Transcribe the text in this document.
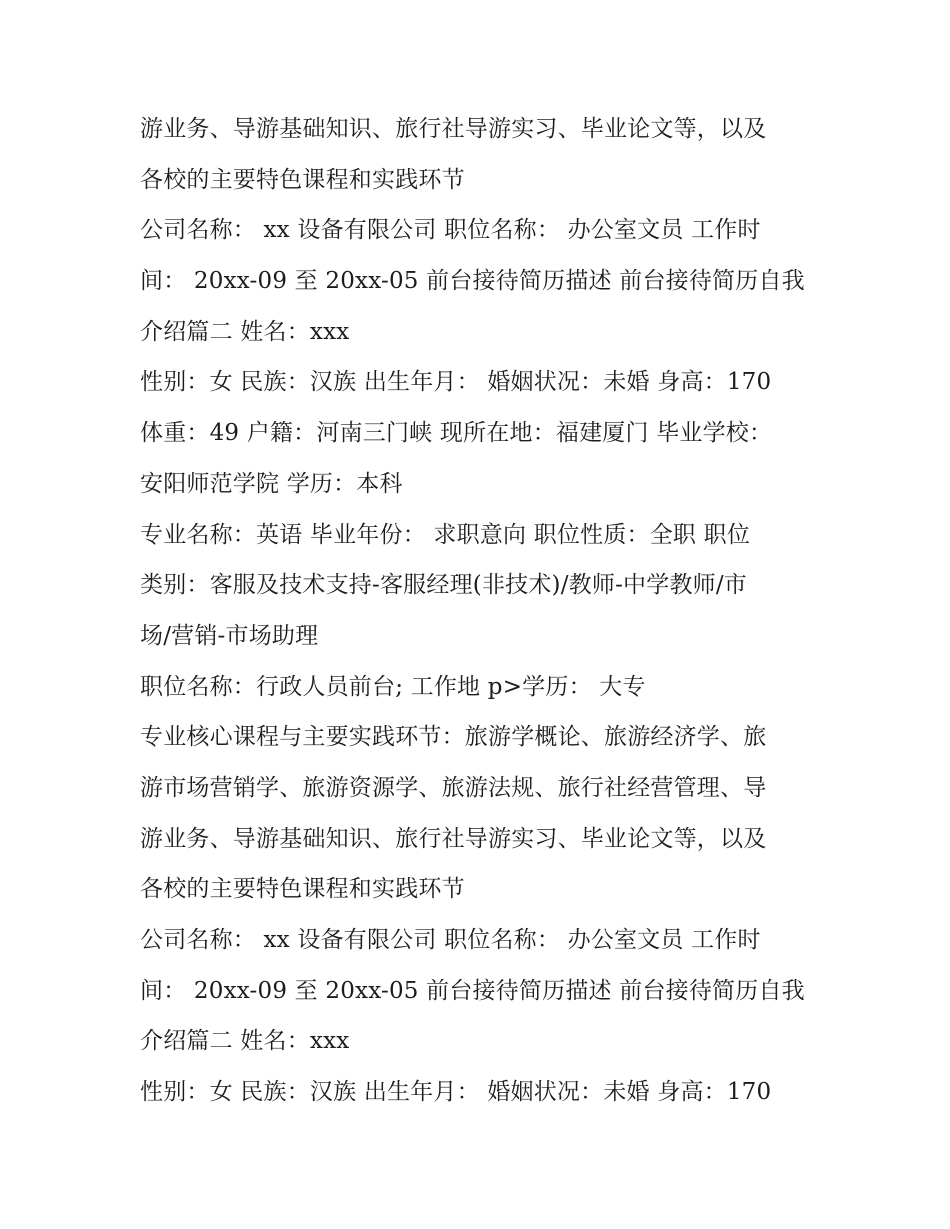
游业务、导游基础知识、旅行社导游实习、毕业论文等，以及
各校的主要特色课程和实践环节
公司名称： xx 设备有限公司 职位名称： 办公室文员 工作时
间： 20xx-09 至 20xx-05 前台接待简历描述 前台接待简历自我
介绍篇二 姓名：xxx
性别：女 民族：汉族 出生年月： 婚姻状况：未婚 身高：170
体重：49 户籍：河南三门峡 现所在地：福建厦门 毕业学校：
安阳师范学院 学历：本科
专业名称：英语 毕业年份： 求职意向 职位性质：全职 职位
类别：客服及技术支持-客服经理(非技术)/教师-中学教师/市
场/营销-市场助理
职位名称：行政人员前台; 工作地 p>学历： 大专
专业核心课程与主要实践环节：旅游学概论、旅游经济学、旅
游市场营销学、旅游资源学、旅游法规、旅行社经营管理、导
游业务、导游基础知识、旅行社导游实习、毕业论文等，以及
各校的主要特色课程和实践环节
公司名称： xx 设备有限公司 职位名称： 办公室文员 工作时
间： 20xx-09 至 20xx-05 前台接待简历描述 前台接待简历自我
介绍篇二 姓名：xxx
性别：女 民族：汉族 出生年月： 婚姻状况：未婚 身高：170
